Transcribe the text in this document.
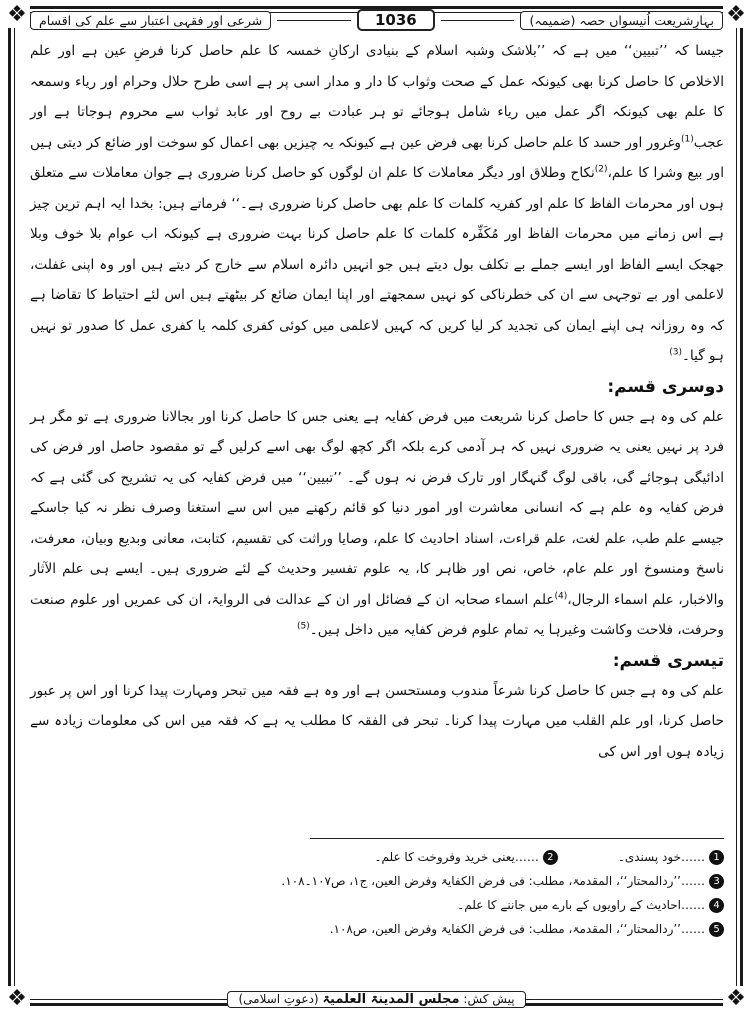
❖	❖
❖	❖
شرعی اور فقہی اعتبار سے علم کی اقسام	1036	بہارِشریعت اُنیسواں حصہ (ضمیمہ)

جیسا کہ ’’تبیین‘‘ میں ہے کہ ’’بلاشک وشبہ اسلام کے بنیادی ارکانِ خمسہ کا علم حاصل کرنا فرضِ عین ہے اور علم الاخلاص کا حاصل کرنا بھی کیونکہ عمل کے صحت وثواب کا دار و مدار اسی پر ہے اسی طرح حلال وحرام اور ریاء وسمعہ کا علم بھی کیونکہ اگر عمل میں ریاء شامل ہوجائے تو ہر عبادت بے روح اور عابد ثواب سے محروم ہوجاتا ہے اور عجب$^{(1)}$وغرور اور حسد کا علم حاصل کرنا بھی فرض عین ہے کیونکہ یہ چیزیں بھی اعمال کو سوخت اور ضائع کر دیتی ہیں اور بیع وشرا کا علم،$^{(2)}$نکاح وطلاق اور دیگر معاملات کا علم ان لوگوں کو حاصل کرنا ضروری ہے جوان معاملات سے متعلق ہوں اور محرمات الفاظ کا علم اور کفریہ کلمات کا علم بھی حاصل کرنا ضروری ہے۔‘‘ فرماتے ہیں: بخدا ایہ اہم ترین چیز ہے اس زمانے میں محرمات الفاظ اور مُکَفِّرہ کلمات کا علم حاصل کرنا بہت ضروری ہے کیونکہ اب عوام بلا خوف وبلا جھجک ایسے الفاظ اور ایسے جملے بے تکلف بول دیتے ہیں جو انہیں دائرہ اسلام سے خارج کر دیتے ہیں اور وہ اپنی غفلت، لاعلمی اور بے توجہی سے ان کی خطرناکی کو نہیں سمجھتے اور اپنا ایمان ضائع کر بیٹھتے ہیں اس لئے احتیاط کا تقاضا ہے کہ وہ روزانہ ہی اپنے ایمان کی تجدید کر لیا کریں کہ کہیں لاعلمی میں کوئی کفری کلمہ یا کفری عمل کا صدور تو نہیں ہو گیا۔$^{(3)}$

دوسری قسم:

علم کی وہ ہے جس کا حاصل کرنا شریعت میں فرض کفایہ ہے یعنی جس کا حاصل کرنا اور بجالانا ضروری ہے تو مگر ہر فرد پر نہیں یعنی یہ ضروری نہیں کہ ہر آدمی کرے بلکہ اگر کچھ لوگ بھی اسے کرلیں گے تو مقصود حاصل اور فرض کی ادائیگی ہوجائے گی، باقی لوگ گنہگار اور تارک فرض نہ ہوں گے۔ ’’تبیین‘‘ میں فرض کفایہ کی یہ تشریح کی گئی ہے کہ فرض کفایہ وہ علم ہے کہ انسانی معاشرت اور امور دنیا کو قائم رکھنے میں اس سے استغنا وصرف نظر نہ کیا جاسکے جیسے علم طب، علم لغت، علم قراءت، اسناد احادیث کا علم، وصایا وراثت کی تقسیم، کتابت، معانی وبدیع وبیان، معرفت، ناسخ ومنسوخ اور علم عام، خاص، نص اور ظاہر کا، یہ علوم تفسیر وحدیث کے لئے ضروری ہیں۔ ایسے ہی علم الآثار والاخبار، علم اسماء الرجال،$^{(4)}$علم اسماء صحابہ ان کے فضائل اور ان کے عدالت فی الروایۃ، ان کی عمریں اور علوم صنعت وحرفت، فلاحت وکاشت وغیرہا یہ تمام علوم فرض کفایہ میں داخل ہیں۔$^{(5)}$

تیسری قسم:

علم کی وہ ہے جس کا حاصل کرنا شرعاً مندوب ومستحسن ہے اور وہ ہے فقہ میں تبحر ومہارت پیدا کرنا اور اس پر عبور حاصل کرنا، اور علم القلب میں مہارت پیدا کرنا۔ تبحر فی الفقہ کا مطلب یہ ہے کہ فقہ میں اس کی معلومات زیادہ سے زیادہ ہوں اور اس کی

1
……خود پسندی۔
2
……یعنی خرید وفروخت کا علم۔
3
……’’ردالمحتار‘‘، المقدمۃ، مطلب: فی فرض الکفایۃ وفرض العین، ج۱، ص۱۰۷۔۱۰۸.
4
……احادیث کے راویوں کے بارے میں جاننے کا علم۔
5
……’’ردالمحتار‘‘، المقدمۃ، مطلب: فی فرض الکفایۃ وفرض العین، ص۱۰۸.
پیش کش: مجلس المدینۃ العلمیۃ (دعوتِ اسلامی)
